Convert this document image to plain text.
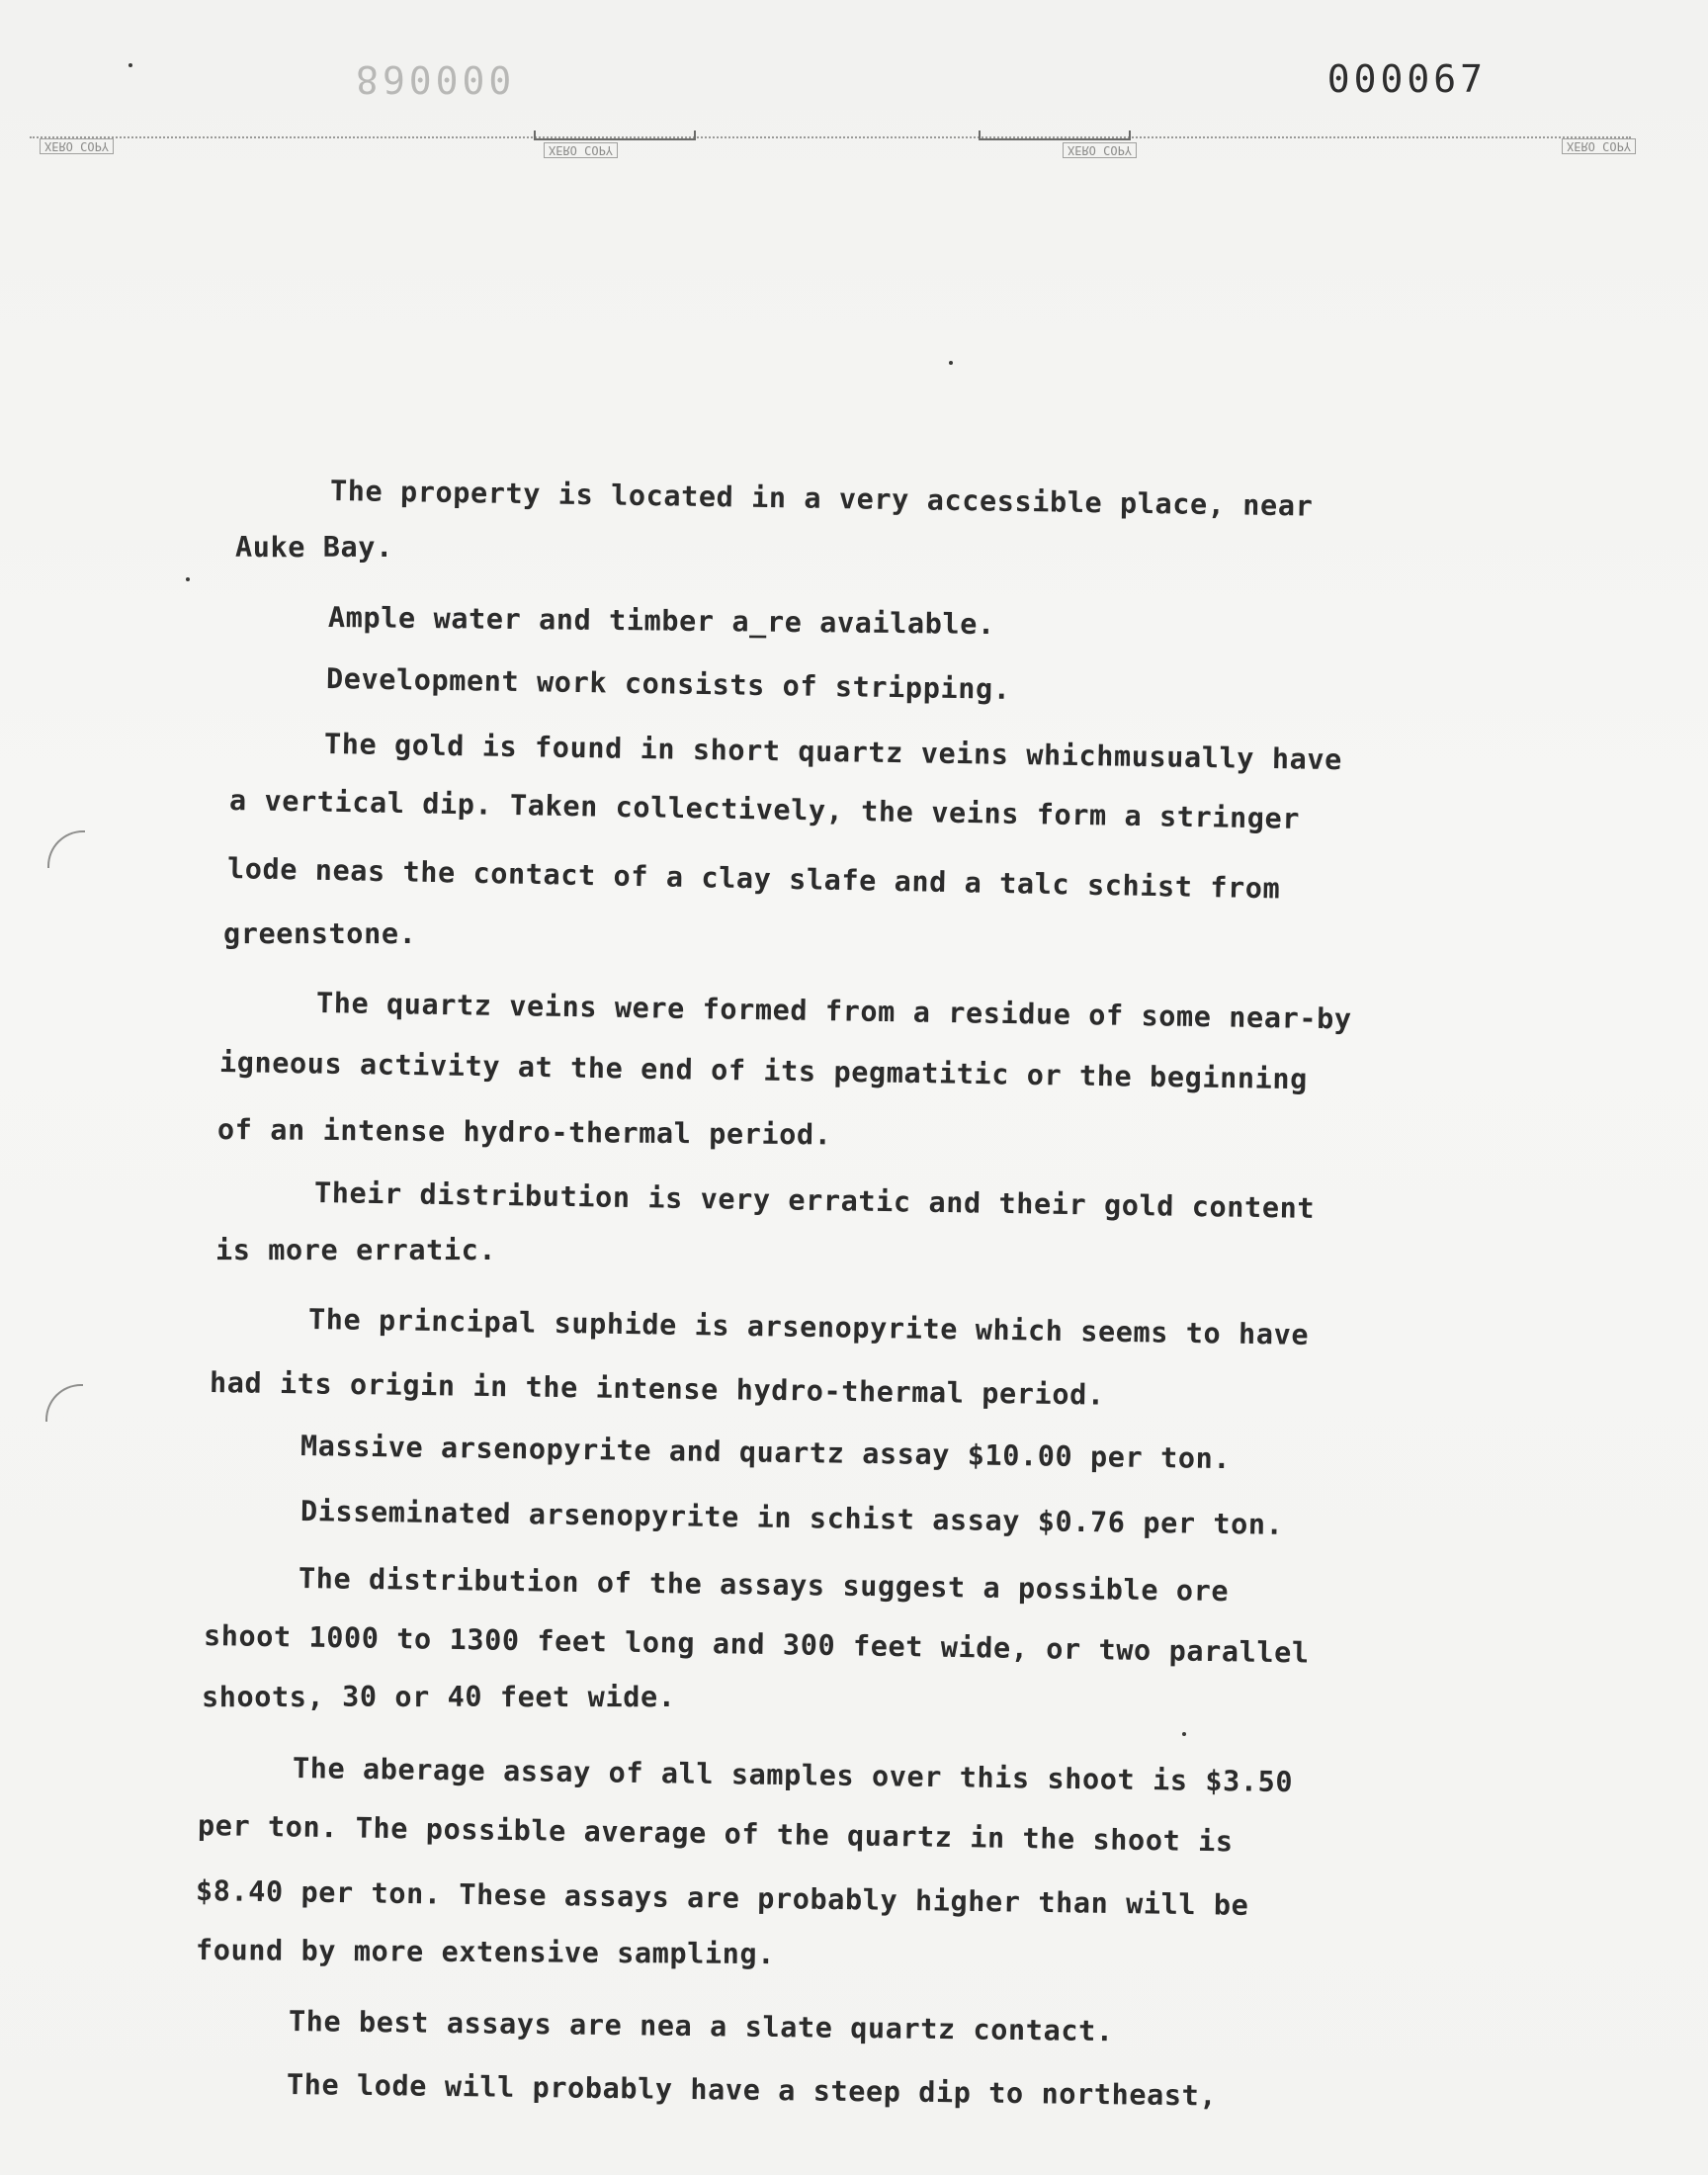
000068	000067
XERO COPY	XERO COPY	XERO COPY	XERO COPY
The property is located in a very accessible place, near
Auke Bay.
Ample water and timber a_re available.
Development work consists of stripping.
The gold is found in short quartz veins whichmusually have
a vertical dip. Taken collectively, the veins form a stringer
lode neas the contact of a clay slafe and a talc schist from
greenstone.
The quartz veins were formed from a residue of some near-by
igneous activity at the end of its pegmatitic or the beginning
of an intense hydro-thermal period.
Their distribution is very erratic and their gold content
is more erratic.
The principal suphide is arsenopyrite which seems to have
had its origin in the intense hydro-thermal period.
Massive arsenopyrite and quartz assay $10.00 per ton.
Disseminated arsenopyrite in schist assay $0.76 per ton.
The distribution of the assays suggest a possible ore
shoot 1000 to 1300 feet long and 300 feet wide, or two parallel
shoots, 30 or 40 feet wide.
The aberage assay of all samples over this shoot is $3.50
per ton. The possible average of the quartz in the shoot is
$8.40 per ton. These assays are probably higher than will be
found by more extensive sampling.
The best assays are nea a slate quartz contact.
The lode will probably have a steep dip to northeast,
